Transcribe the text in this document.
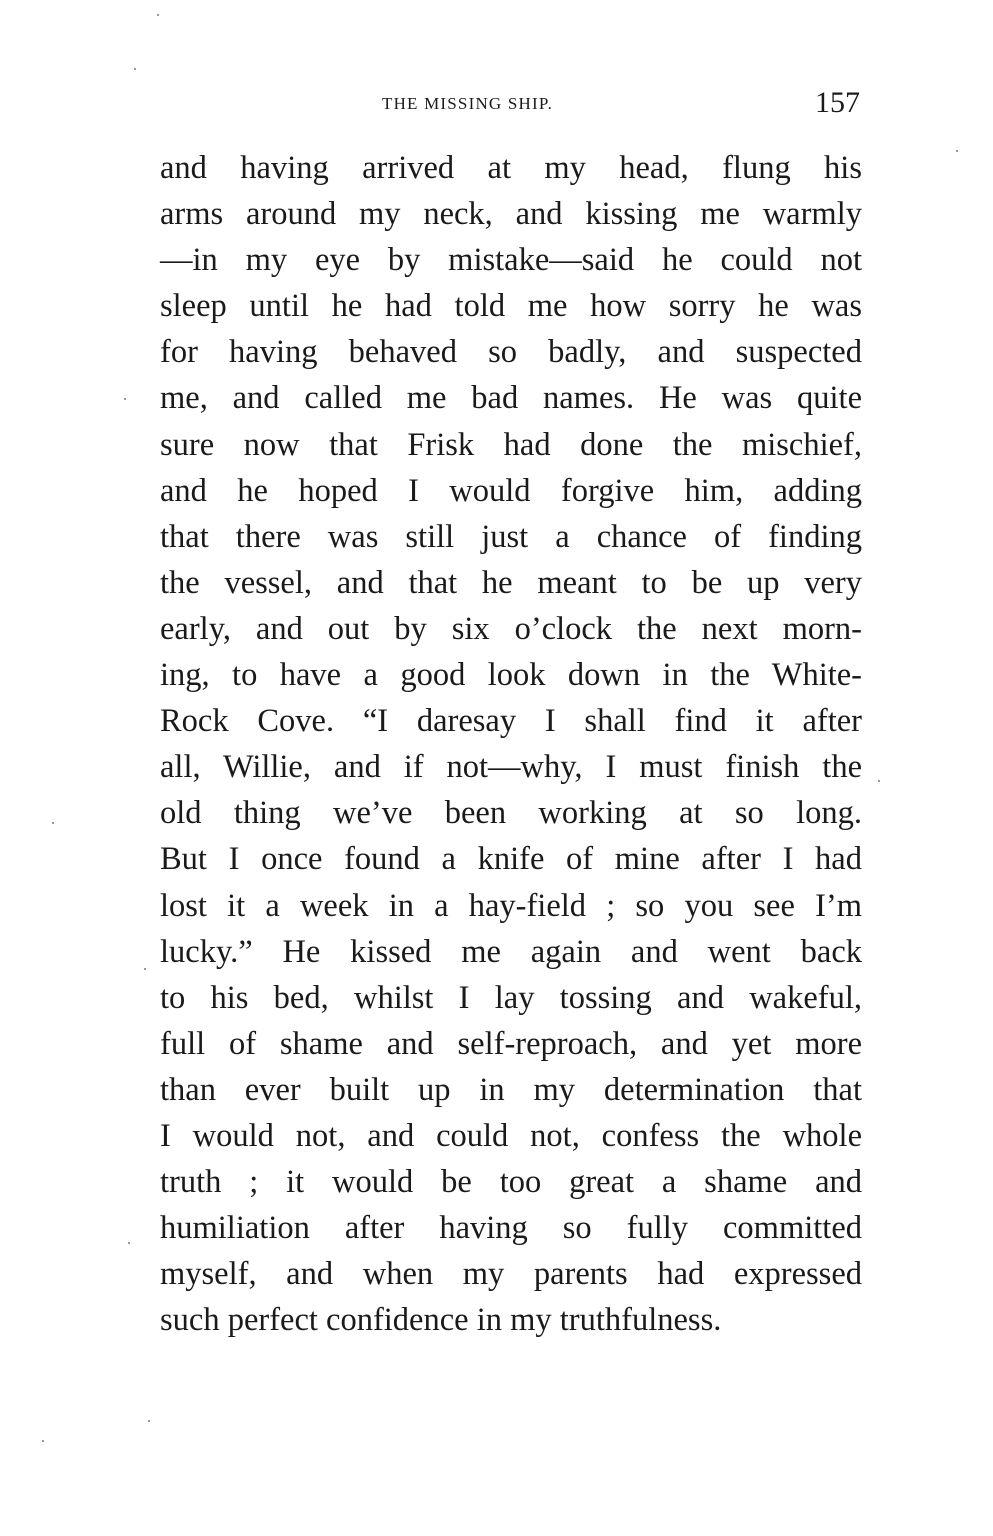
THE MISSING SHIP.	157
and having arrived at my head, flung his
arms around my neck, and kissing me warmly
—in my eye by mistake—said he could not
sleep until he had told me how sorry he was
for having behaved so badly, and suspected
me, and called me bad names. He was quite
sure now that Frisk had done the mischief,
and he hoped I would forgive him, adding
that there was still just a chance of finding
the vessel, and that he meant to be up very
early, and out by six o’clock the next morn-
ing, to have a good look down in the White-
Rock Cove. “I daresay I shall find it after
all, Willie, and if not—why, I must finish the
old thing we’ve been working at so long.
But I once found a knife of mine after I had
lost it a week in a hay-field ; so you see I’m
lucky.” He kissed me again and went back
to his bed, whilst I lay tossing and wakeful,
full of shame and self-reproach, and yet more
than ever built up in my determination that
I would not, and could not, confess the whole
truth ; it would be too great a shame and
humiliation after having so fully committed
myself, and when my parents had expressed
such perfect confidence in my truthfulness.
